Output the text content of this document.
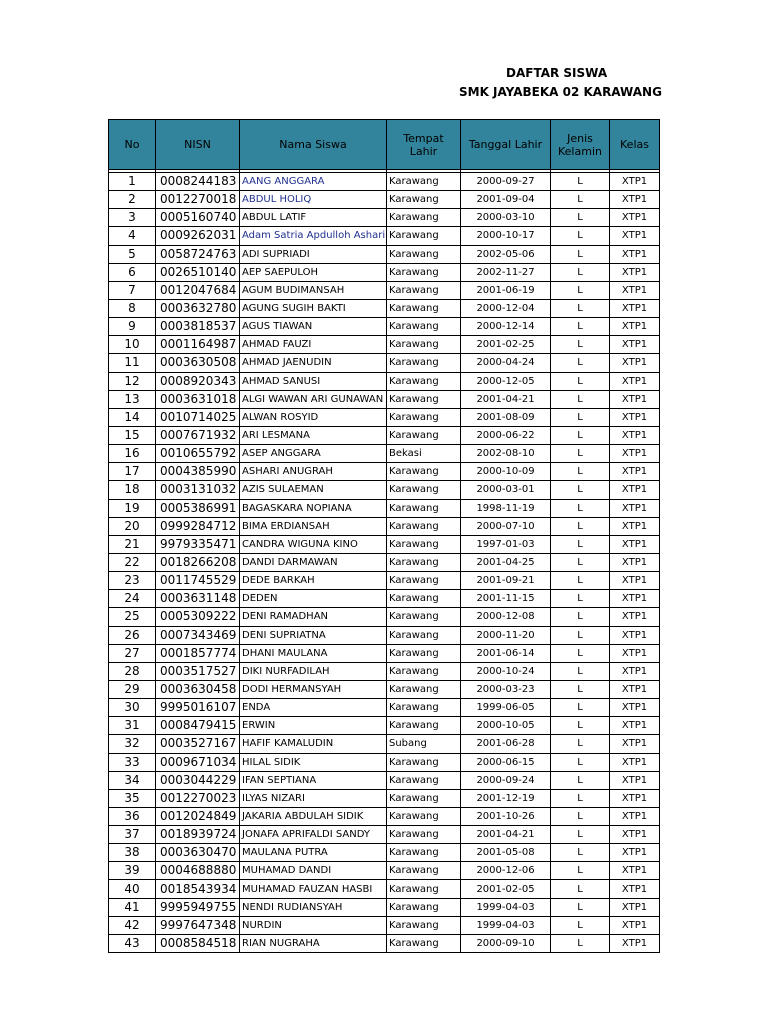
DAFTAR SISWA
SMK JAYABEKA 02 KARAWANG
No	NISN	Nama Siswa	Tempat Lahir	Tanggal Lahir	Jenis Kelamin	Kelas

1	0008244183	AANG ANGGARA	Karawang	2000-09-27	L	XTP1
2	0012270018	ABDUL HOLIQ	Karawang	2001-09-04	L	XTP1
3	0005160740	ABDUL LATIF	Karawang	2000-03-10	L	XTP1
4	0009262031	Adam Satria Apdulloh Ashari	Karawang	2000-10-17	L	XTP1
5	0058724763	ADI SUPRIADI	Karawang	2002-05-06	L	XTP1
6	0026510140	AEP SAEPULOH	Karawang	2002-11-27	L	XTP1
7	0012047684	AGUM BUDIMANSAH	Karawang	2001-06-19	L	XTP1
8	0003632780	AGUNG SUGIH BAKTI	Karawang	2000-12-04	L	XTP1
9	0003818537	AGUS TIAWAN	Karawang	2000-12-14	L	XTP1
10	0001164987	AHMAD FAUZI	Karawang	2001-02-25	L	XTP1
11	0003630508	AHMAD JAENUDIN	Karawang	2000-04-24	L	XTP1
12	0008920343	AHMAD SANUSI	Karawang	2000-12-05	L	XTP1
13	0003631018	ALGI WAWAN ARI GUNAWAN	Karawang	2001-04-21	L	XTP1
14	0010714025	ALWAN ROSYID	Karawang	2001-08-09	L	XTP1
15	0007671932	ARI LESMANA	Karawang	2000-06-22	L	XTP1
16	0010655792	ASEP ANGGARA	Bekasi	2002-08-10	L	XTP1
17	0004385990	ASHARI ANUGRAH	Karawang	2000-10-09	L	XTP1
18	0003131032	AZIS SULAEMAN	Karawang	2000-03-01	L	XTP1
19	0005386991	BAGASKARA NOPIANA	Karawang	1998-11-19	L	XTP1
20	0999284712	BIMA ERDIANSAH	Karawang	2000-07-10	L	XTP1
21	9979335471	CANDRA WIGUNA KINO	Karawang	1997-01-03	L	XTP1
22	0018266208	DANDI DARMAWAN	Karawang	2001-04-25	L	XTP1
23	0011745529	DEDE BARKAH	Karawang	2001-09-21	L	XTP1
24	0003631148	DEDEN	Karawang	2001-11-15	L	XTP1
25	0005309222	DENI RAMADHAN	Karawang	2000-12-08	L	XTP1
26	0007343469	DENI SUPRIATNA	Karawang	2000-11-20	L	XTP1
27	0001857774	DHANI MAULANA	Karawang	2001-06-14	L	XTP1
28	0003517527	DIKI NURFADILAH	Karawang	2000-10-24	L	XTP1
29	0003630458	DODI HERMANSYAH	Karawang	2000-03-23	L	XTP1
30	9995016107	ENDA	Karawang	1999-06-05	L	XTP1
31	0008479415	ERWIN	Karawang	2000-10-05	L	XTP1
32	0003527167	HAFIF KAMALUDIN	Subang	2001-06-28	L	XTP1
33	0009671034	HILAL SIDIK	Karawang	2000-06-15	L	XTP1
34	0003044229	IFAN SEPTIANA	Karawang	2000-09-24	L	XTP1
35	0012270023	ILYAS NIZARI	Karawang	2001-12-19	L	XTP1
36	0012024849	JAKARIA ABDULAH SIDIK	Karawang	2001-10-26	L	XTP1
37	0018939724	JONAFA APRIFALDI SANDY	Karawang	2001-04-21	L	XTP1
38	0003630470	MAULANA PUTRA	Karawang	2001-05-08	L	XTP1
39	0004688880	MUHAMAD DANDI	Karawang	2000-12-06	L	XTP1
40	0018543934	MUHAMAD FAUZAN HASBI	Karawang	2001-02-05	L	XTP1
41	9995949755	NENDI RUDIANSYAH	Karawang	1999-04-03	L	XTP1
42	9997647348	NURDIN	Karawang	1999-04-03	L	XTP1
43	0008584518	RIAN NUGRAHA	Karawang	2000-09-10	L	XTP1
